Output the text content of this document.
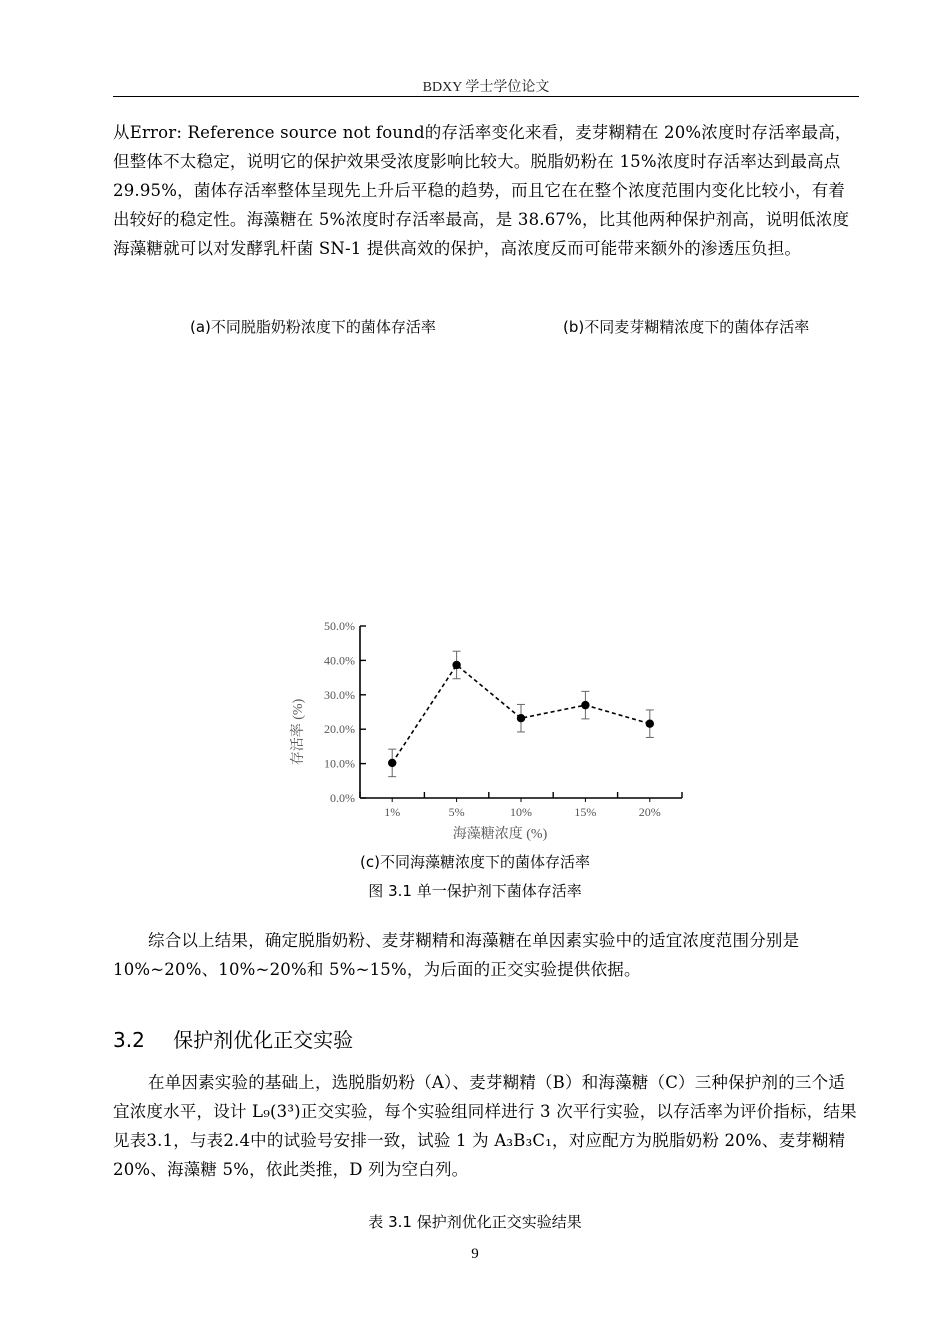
BDXY 学士学位论文

从Error: Reference source not found的存活率变化来看，麦芽糊精在 20%浓度时存活率最高，但整体不太稳定，说明它的保护效果受浓度影响比较大。脱脂奶粉在 15%浓度时存活率达到最高点 29.95%，菌体存活率整体呈现先上升后平稳的趋势，而且它在在整个浓度范围内变化比较小，有着出较好的稳定性。海藻糖在 5%浓度时存活率最高，是 38.67%，比其他两种保护剂高，说明低浓度海藻糖就可以对发酵乳杆菌 SN-1 提供高效的保护，高浓度反而可能带来额外的渗透压负担。

(a)不同脱脂奶粉浓度下的菌体存活率	(b)不同麦芽糊精浓度下的菌体存活率
0.0%
10.0%
20.0%
30.0%
40.0%
50.0%
1%	5%	10%	15%	20%
存活率 (%)
海藻糖浓度 (%)
(c)不同海藻糖浓度下的菌体存活率
图 3.1 单一保护剂下菌体存活率

综合以上结果，确定脱脂奶粉、麦芽糊精和海藻糖在单因素实验中的适宜浓度范围分别是 10%~20%、10%~20%和 5%~15%，为后面的正交实验提供依据。

3.2 保护剂优化正交实验

在单因素实验的基础上，选脱脂奶粉（A）、麦芽糊精（B）和海藻糖（C）三种保护剂的三个适宜浓度水平，设计 L₉(3³)正交实验，每个实验组同样进行 3 次平行实验，以存活率为评价指标，结果见表3.1，与表2.4中的试验号安排一致，试验 1 为 A₃B₃C₁，对应配方为脱脂奶粉 20%、麦芽糊精 20%、海藻糖 5%，依此类推，D 列为空白列。

表 3.1 保护剂优化正交实验结果
9
